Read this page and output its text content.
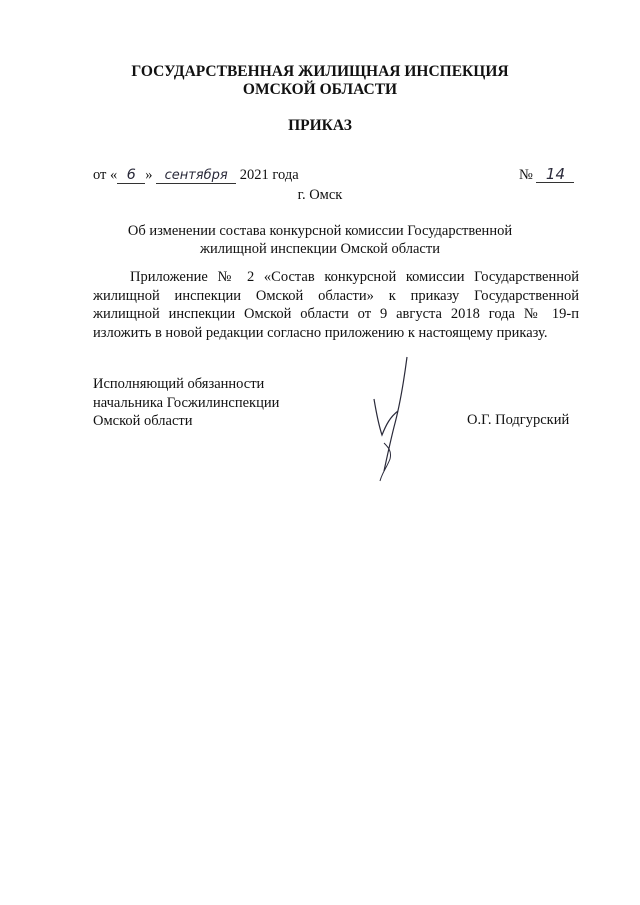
ГОСУДАРСТВЕННАЯ ЖИЛИЩНАЯ ИНСПЕКЦИЯ
ОМСКОЙ ОБЛАСТИ
ПРИКАЗ
от « 6 » сентября 2021 года	№ 14
г. Омск
Об изменении состава конкурсной комиссии Государственной
жилищной инспекции Омской области
Приложение № 2 «Состав конкурсной комиссии Государственной жилищной инспекции Омской области» к приказу Государственной жилищной инспекции Омской области от 9 августа 2018 года № 19-п изложить в новой редакции согласно приложению к настоящему приказу.
Исполняющий обязанности
начальника Госжилинспекции
Омской области	О.Г. Подгурский
